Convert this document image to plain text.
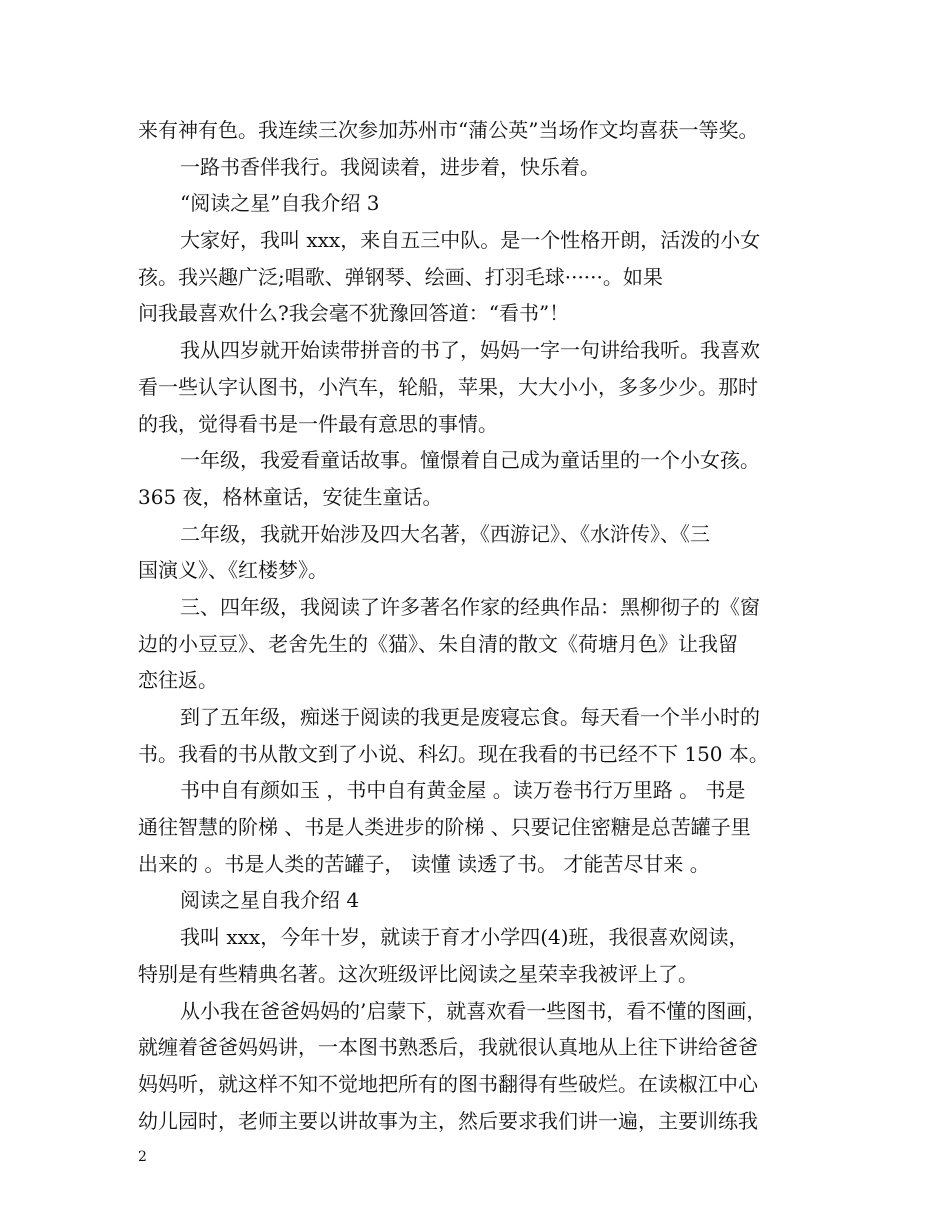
来有神有色。我连续三次参加苏州市“蒲公英”当场作文均喜获一等奖。
一路书香伴我行。我阅读着，进步着，快乐着。
“阅读之星”自我介绍 3
大家好，我叫 xxx，来自五三中队。是一个性格开朗，活泼的小女
孩。我兴趣广泛;唱歌、弹钢琴、绘画、打羽毛球······。如果
问我最喜欢什么?我会毫不犹豫回答道：“看书”！
我从四岁就开始读带拼音的书了，妈妈一字一句讲给我听。我喜欢
看一些认字认图书，小汽车，轮船，苹果，大大小小，多多少少。那时
的我，觉得看书是一件最有意思的事情。
一年级，我爱看童话故事。憧憬着自己成为童话里的一个小女孩。
365 夜，格林童话，安徒生童话。
二年级，我就开始涉及四大名著，《西游记》、《水浒传》、《三
国演义》、《红楼梦》。
三、四年级，我阅读了许多著名作家的经典作品：黑柳彻子的《窗
边的小豆豆》、老舍先生的《猫》、朱自清的散文《荷塘月色》让我留
恋往返。
到了五年级，痴迷于阅读的我更是废寝忘食。每天看一个半小时的
书。我看的书从散文到了小说、科幻。现在我看的书已经不下 150 本。
书中自有颜如玉 ，书中自有黄金屋 。读万卷书行万里路 。 书是
通往智慧的阶梯 、书是人类进步的阶梯 、只要记住密糖是总苦罐子里
出来的 。书是人类的苦罐子， 读懂 读透了书。 才能苦尽甘来 。
阅读之星自我介绍 4
我叫 xxx，今年十岁，就读于育才小学四(4)班，我很喜欢阅读，
特别是有些精典名著。这次班级评比阅读之星荣幸我被评上了。
从小我在爸爸妈妈的’启蒙下，就喜欢看一些图书，看不懂的图画，
就缠着爸爸妈妈讲，一本图书熟悉后，我就很认真地从上往下讲给爸爸
妈妈听，就这样不知不觉地把所有的图书翻得有些破烂。在读椒江中心
幼儿园时，老师主要以讲故事为主，然后要求我们讲一遍，主要训练我
2
